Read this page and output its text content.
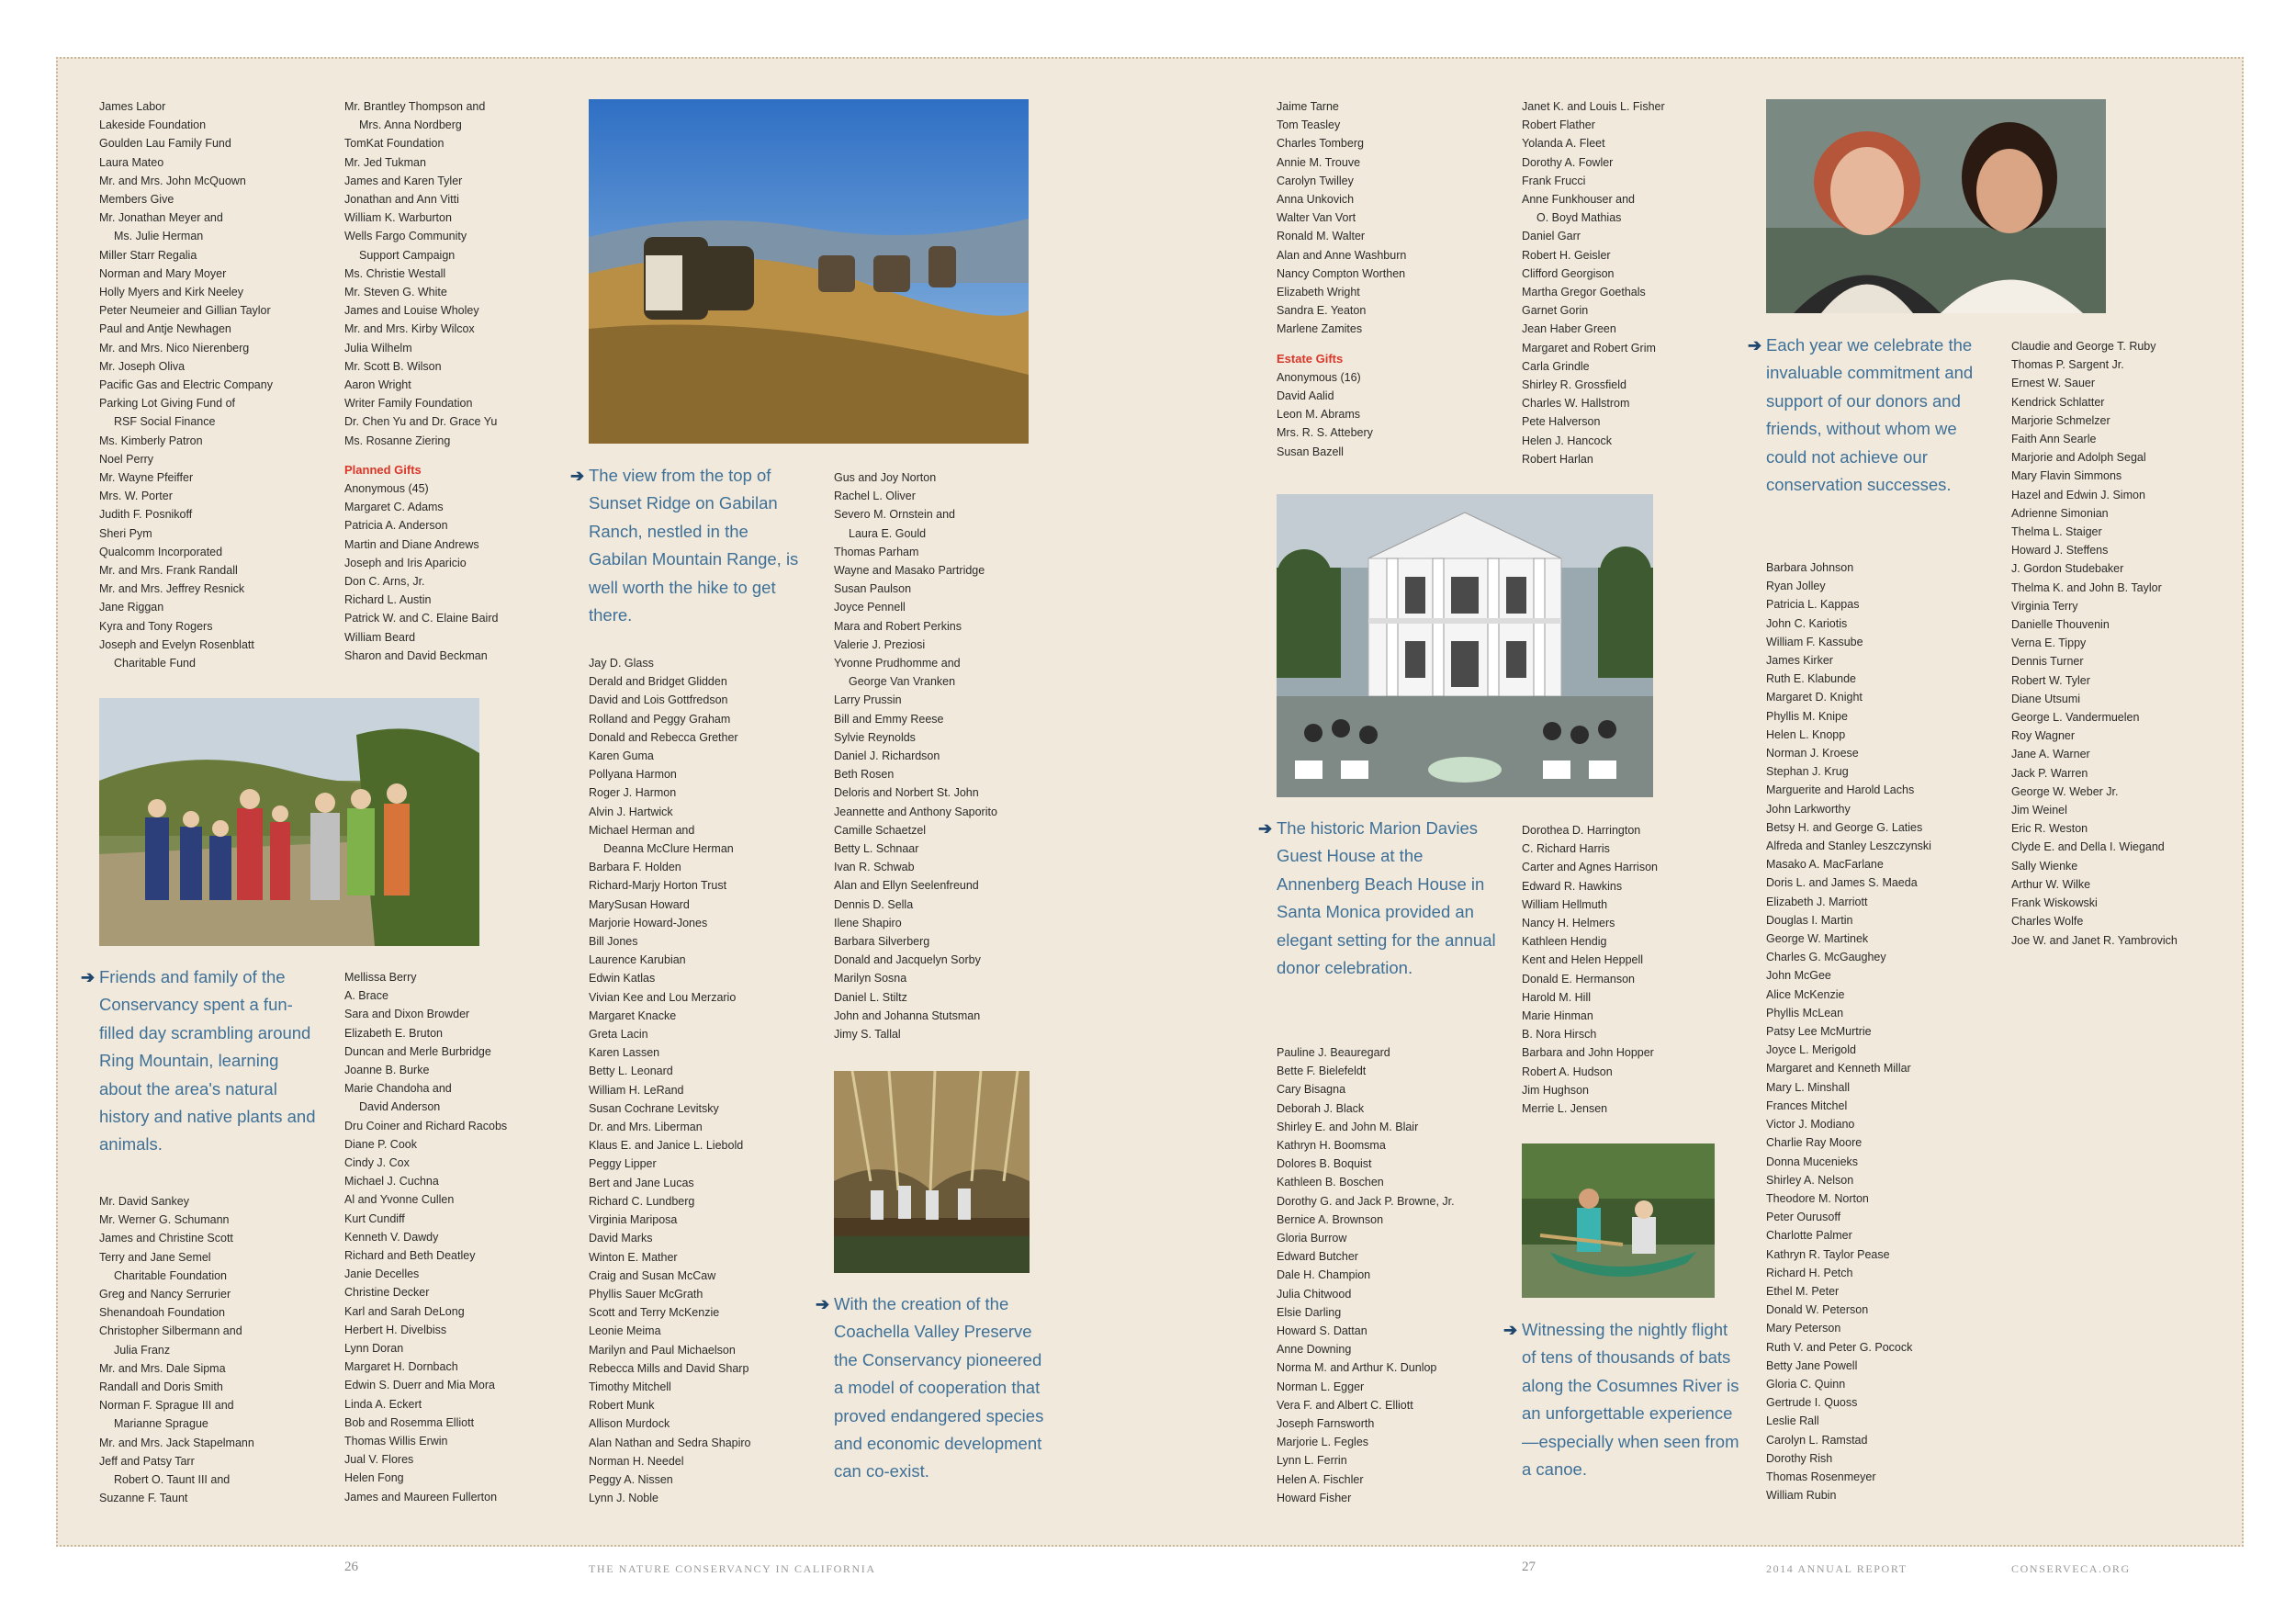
James Labor
Lakeside Foundation
Goulden Lau Family Fund
Laura Mateo
Mr. and Mrs. John McQuown
Members Give
Mr. Jonathan Meyer and
Ms. Julie Herman
Miller Starr Regalia
Norman and Mary Moyer
Holly Myers and Kirk Neeley
Peter Neumeier and Gillian Taylor
Paul and Antje Newhagen
Mr. and Mrs. Nico Nierenberg
Mr. Joseph Oliva
Pacific Gas and Electric Company
Parking Lot Giving Fund of
RSF Social Finance
Ms. Kimberly Patron
Noel Perry
Mr. Wayne Pfeiffer
Mrs. W. Porter
Judith F. Posnikoff
Sheri Pym
Qualcomm Incorporated
Mr. and Mrs. Frank Randall
Mr. and Mrs. Jeffrey Resnick
Jane Riggan
Kyra and Tony Rogers
Joseph and Evelyn Rosenblatt
Charitable Fund
Mr. Brantley Thompson and
Mrs. Anna Nordberg
TomKat Foundation
Mr. Jed Tukman
James and Karen Tyler
Jonathan and Ann Vitti
William K. Warburton
Wells Fargo Community
Support Campaign
Ms. Christie Westall
Mr. Steven G. White
James and Louise Wholey
Mr. and Mrs. Kirby Wilcox
Julia Wilhelm
Mr. Scott B. Wilson
Aaron Wright
Writer Family Foundation
Dr. Chen Yu and Dr. Grace Yu
Ms. Rosanne Ziering
Planned Gifts
Anonymous (45)
Margaret C. Adams
Patricia A. Anderson
Martin and Diane Andrews
Joseph and Iris Aparicio
Don C. Arns, Jr.
Richard L. Austin
Patrick W. and C. Elaine Baird
William Beard
Sharon and David Beckman
➔ Friends and family of the Conservancy spent a fun-filled day scrambling around Ring Mountain, learning about the area's natural history and native plants and animals.
Mr. David Sankey
Mr. Werner G. Schumann
James and Christine Scott
Terry and Jane Semel
Charitable Foundation
Greg and Nancy Serrurier
Shenandoah Foundation
Christopher Silbermann and
Julia Franz
Mr. and Mrs. Dale Sipma
Randall and Doris Smith
Norman F. Sprague III and
Marianne Sprague
Mr. and Mrs. Jack Stapelmann
Jeff and Patsy Tarr
Robert O. Taunt III and
Suzanne F. Taunt
Mellissa Berry
A. Brace
Sara and Dixon Browder
Elizabeth E. Bruton
Duncan and Merle Burbridge
Joanne B. Burke
Marie Chandoha and
David Anderson
Dru Coiner and Richard Racobs
Diane P. Cook
Cindy J. Cox
Michael J. Cuchna
Al and Yvonne Cullen
Kurt Cundiff
Kenneth V. Dawdy
Richard and Beth Deatley
Janie Decelles
Christine Decker
Karl and Sarah DeLong
Herbert H. Divelbiss
Lynn Doran
Margaret H. Dornbach
Edwin S. Duerr and Mia Mora
Linda A. Eckert
Bob and Rosemma Elliott
Thomas Willis Erwin
Jual V. Flores
Helen Fong
James and Maureen Fullerton
➔ The view from the top of Sunset Ridge on Gabilan Ranch, nestled in the Gabilan Mountain Range, is well worth the hike to get there.
Jay D. Glass
Derald and Bridget Glidden
David and Lois Gottfredson
Rolland and Peggy Graham
Donald and Rebecca Grether
Karen Guma
Pollyana Harmon
Roger J. Harmon
Alvin J. Hartwick
Michael Herman and
Deanna McClure Herman
Barbara F. Holden
Richard-Marjy Horton Trust
MarySusan Howard
Marjorie Howard-Jones
Bill Jones
Laurence Karubian
Edwin Katlas
Vivian Kee and Lou Merzario
Margaret Knacke
Greta Lacin
Karen Lassen
Betty L. Leonard
William H. LeRand
Susan Cochrane Levitsky
Dr. and Mrs. Liberman
Klaus E. and Janice L. Liebold
Peggy Lipper
Bert and Jane Lucas
Richard C. Lundberg
Virginia Mariposa
David Marks
Winton E. Mather
Craig and Susan McCaw
Phyllis Sauer McGrath
Scott and Terry McKenzie
Leonie Meima
Marilyn and Paul Michaelson
Rebecca Mills and David Sharp
Timothy Mitchell
Robert Munk
Allison Murdock
Alan Nathan and Sedra Shapiro
Norman H. Needel
Peggy A. Nissen
Lynn J. Noble
Gus and Joy Norton
Rachel L. Oliver
Severo M. Ornstein and
Laura E. Gould
Thomas Parham
Wayne and Masako Partridge
Susan Paulson
Joyce Pennell
Mara and Robert Perkins
Valerie J. Preziosi
Yvonne Prudhomme and
George Van Vranken
Larry Prussin
Bill and Emmy Reese
Sylvie Reynolds
Daniel J. Richardson
Beth Rosen
Deloris and Norbert St. John
Jeannette and Anthony Saporito
Camille Schaetzel
Betty L. Schnaar
Ivan R. Schwab
Alan and Ellyn Seelenfreund
Dennis D. Sella
Ilene Shapiro
Barbara Silverberg
Donald and Jacquelyn Sorby
Marilyn Sosna
Daniel L. Stiltz
John and Johanna Stutsman
Jimy S. Tallal
➔ With the creation of the Coachella Valley Preserve the Conservancy pioneered a model of cooperation that proved endangered species and economic development can co-exist.
Jaime Tarne
Tom Teasley
Charles Tomberg
Annie M. Trouve
Carolyn Twilley
Anna Unkovich
Walter Van Vort
Ronald M. Walter
Alan and Anne Washburn
Nancy Compton Worthen
Elizabeth Wright
Sandra E. Yeaton
Marlene Zamites
Estate Gifts
Anonymous (16)
David Aalid
Leon M. Abrams
Mrs. R. S. Attebery
Susan Bazell
Janet K. and Louis L. Fisher
Robert Flather
Yolanda A. Fleet
Dorothy A. Fowler
Frank Frucci
Anne Funkhouser and
O. Boyd Mathias
Daniel Garr
Robert H. Geisler
Clifford Georgison
Martha Gregor Goethals
Garnet Gorin
Jean Haber Green
Margaret and Robert Grim
Carla Grindle
Shirley R. Grossfield
Charles W. Hallstrom
Pete Halverson
Helen J. Hancock
Robert Harlan
➔ The historic Marion Davies Guest House at the Annenberg Beach House in Santa Monica provided an elegant setting for the annual donor celebration.
Pauline J. Beauregard
Bette F. Bielefeldt
Cary Bisagna
Deborah J. Black
Shirley E. and John M. Blair
Kathryn H. Boomsma
Dolores B. Boquist
Kathleen B. Boschen
Dorothy G. and Jack P. Browne, Jr.
Bernice A. Brownson
Gloria Burrow
Edward Butcher
Dale H. Champion
Julia Chitwood
Elsie Darling
Howard S. Dattan
Anne Downing
Norma M. and Arthur K. Dunlop
Norman L. Egger
Vera F. and Albert C. Elliott
Joseph Farnsworth
Marjorie L. Fegles
Lynn L. Ferrin
Helen A. Fischler
Howard Fisher
Dorothea D. Harrington
C. Richard Harris
Carter and Agnes Harrison
Edward R. Hawkins
William Hellmuth
Nancy H. Helmers
Kathleen Hendig
Kent and Helen Heppell
Donald E. Hermanson
Harold M. Hill
Marie Hinman
B. Nora Hirsch
Barbara and John Hopper
Robert A. Hudson
Jim Hughson
Merrie L. Jensen
➔ Witnessing the nightly flight of tens of thousands of bats along the Cosumnes River is an unforgettable experience—especially when seen from a canoe.
➔ Each year we celebrate the invaluable commitment and support of our donors and friends, without whom we could not achieve our conservation successes.
Barbara Johnson
Ryan Jolley
Patricia L. Kappas
John C. Kariotis
William F. Kassube
James Kirker
Ruth E. Klabunde
Margaret D. Knight
Phyllis M. Knipe
Helen L. Knopp
Norman J. Kroese
Stephan J. Krug
Marguerite and Harold Lachs
John Larkworthy
Betsy H. and George G. Laties
Alfreda and Stanley Leszczynski
Masako A. MacFarlane
Doris L. and James S. Maeda
Elizabeth J. Marriott
Douglas I. Martin
George W. Martinek
Charles G. McGaughey
John McGee
Alice McKenzie
Phyllis McLean
Patsy Lee McMurtrie
Joyce L. Merigold
Margaret and Kenneth Millar
Mary L. Minshall
Frances Mitchel
Victor J. Modiano
Charlie Ray Moore
Donna Mucenieks
Shirley A. Nelson
Theodore M. Norton
Peter Ourusoff
Charlotte Palmer
Kathryn R. Taylor Pease
Richard H. Petch
Ethel M. Peter
Donald W. Peterson
Mary Peterson
Ruth V. and Peter G. Pocock
Betty Jane Powell
Gloria C. Quinn
Gertrude I. Quoss
Leslie Rall
Carolyn L. Ramstad
Dorothy Rish
Thomas Rosenmeyer
William Rubin
Claudie and George T. Ruby
Thomas P. Sargent Jr.
Ernest W. Sauer
Kendrick Schlatter
Marjorie Schmelzer
Faith Ann Searle
Marjorie and Adolph Segal
Mary Flavin Simmons
Hazel and Edwin J. Simon
Adrienne Simonian
Thelma L. Staiger
Howard J. Steffens
J. Gordon Studebaker
Thelma K. and John B. Taylor
Virginia Terry
Danielle Thouvenin
Verna E. Tippy
Dennis Turner
Robert W. Tyler
Diane Utsumi
George L. Vandermuelen
Roy Wagner
Jane A. Warner
Jack P. Warren
George W. Weber Jr.
Jim Weinel
Eric R. Weston
Clyde E. and Della I. Wiegand
Sally Wienke
Arthur W. Wilke
Frank Wiskowski
Charles Wolfe
Joe W. and Janet R. Yambrovich
26	THE NATURE CONSERVANCY IN CALIFORNIA	27	2014 ANNUAL REPORT	CONSERVECA.ORG
